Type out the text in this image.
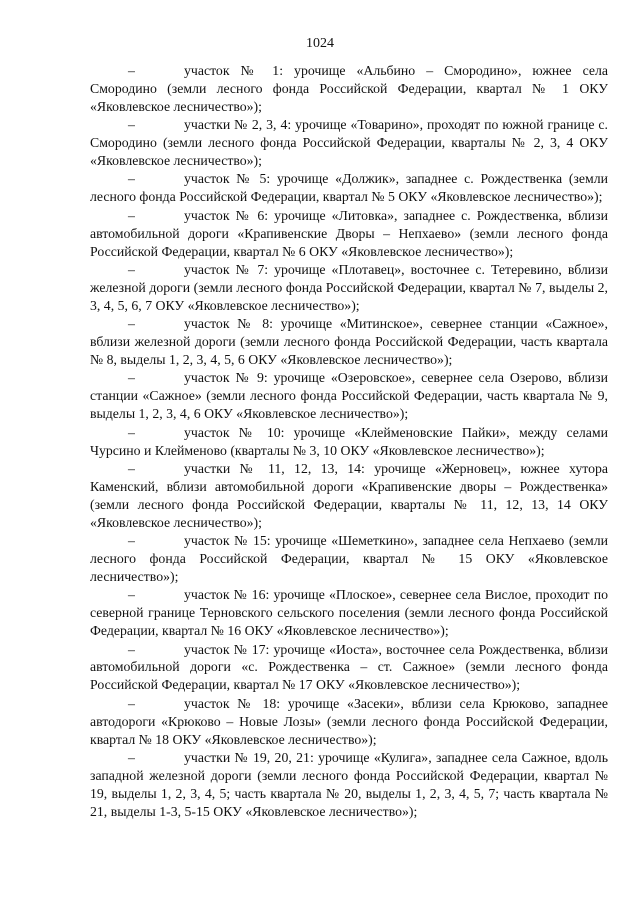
1024

–	участок № 1: урочище «Альбино – Смородино», южнее села Смородино (земли лесного фонда Российской Федерации, квартал № 1 ОКУ «Яковлевское лесничество»);

–	участки № 2, 3, 4: урочище «Товарино», проходят по южной границе с. Смородино (земли лесного фонда Российской Федерации, кварталы № 2, 3, 4 ОКУ «Яковлевское лесничество»);

–	участок № 5: урочище «Должик», западнее с. Рождественка (земли лесного фонда Российской Федерации, квартал № 5 ОКУ «Яковлевское лесничество»);

–	участок № 6: урочище «Литовка», западнее с. Рождественка, вблизи автомобильной дороги «Крапивенские Дворы – Непхаево» (земли лесного фонда Российской Федерации, квартал № 6 ОКУ «Яковлевское лесничество»);

–	участок № 7: урочище «Плотавец», восточнее с. Тетеревино, вблизи железной дороги (земли лесного фонда Российской Федерации, квартал № 7, выделы 2, 3, 4, 5, 6, 7 ОКУ «Яковлевское лесничество»);

–	участок № 8: урочище «Митинское», севернее станции «Сажное», вблизи железной дороги (земли лесного фонда Российской Федерации, часть квартала № 8, выделы 1, 2, 3, 4, 5, 6 ОКУ «Яковлевское лесничество»);

–	участок № 9: урочище «Озеровское», севернее села Озерово, вблизи станции «Сажное» (земли лесного фонда Российской Федерации, часть квартала № 9, выделы 1, 2, 3, 4, 6 ОКУ «Яковлевское лесничество»);

–	участок № 10: урочище «Клейменовские Пайки», между селами Чурсино и Клейменово (кварталы № 3, 10 ОКУ «Яковлевское лесничество»);

–	участки № 11, 12, 13, 14: урочище «Жерновец», южнее хутора Каменский, вблизи автомобильной дороги «Крапивенские дворы – Рождественка» (земли лесного фонда Российской Федерации, кварталы № 11, 12, 13, 14 ОКУ «Яковлевское лесничество»);

–	участок № 15: урочище «Шеметкино», западнее села Непхаево (земли лесного фонда Российской Федерации, квартал № 15 ОКУ «Яковлевское лесничество»);

–	участок № 16: урочище «Плоское», севернее села Вислое, проходит по северной границе Терновского сельского поселения (земли лесного фонда Российской Федерации, квартал № 16 ОКУ «Яковлевское лесничество»);

–	участок № 17: урочище «Иоста», восточнее села Рождественка, вблизи автомобильной дороги «с. Рождественка – ст. Сажное» (земли лесного фонда Российской Федерации, квартал № 17 ОКУ «Яковлевское лесничество»);

–	участок № 18: урочище «Засеки», вблизи села Крюково, западнее автодороги «Крюково – Новые Лозы» (земли лесного фонда Российской Федерации, квартал № 18 ОКУ «Яковлевское лесничество»);

–	участки № 19, 20, 21: урочище «Кулига», западнее села Сажное, вдоль западной железной дороги (земли лесного фонда Российской Федерации, квартал № 19, выделы 1, 2, 3, 4, 5; часть квартала № 20, выделы 1, 2, 3, 4, 5, 7; часть квартала № 21, выделы 1-3, 5-15 ОКУ «Яковлевское лесничество»);
